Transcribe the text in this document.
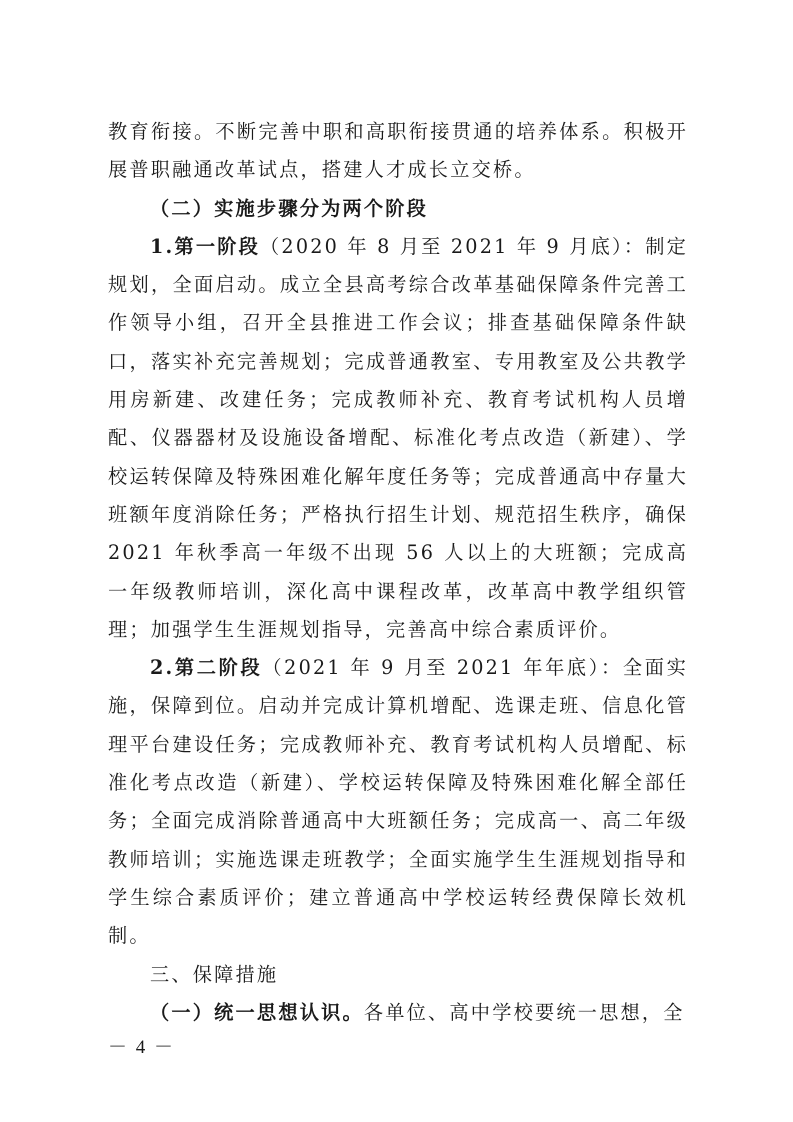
教育衔接。不断完善中职和高职衔接贯通的培养体系。积极开展普职融通改革试点，搭建人才成长立交桥。

（二）实施步骤分为两个阶段

1.第一阶段（2020 年 8 月至 2021 年 9 月底）：制定规划，全面启动。成立全县高考综合改革基础保障条件完善工作领导小组，召开全县推进工作会议；排查基础保障条件缺口，落实补充完善规划；完成普通教室、专用教室及公共教学用房新建、改建任务；完成教师补充、教育考试机构人员增配、仪器器材及设施设备增配、标准化考点改造（新建）、学校运转保障及特殊困难化解年度任务等；完成普通高中存量大班额年度消除任务；严格执行招生计划、规范招生秩序，确保 2021 年秋季高一年级不出现 56 人以上的大班额；完成高一年级教师培训，深化高中课程改革，改革高中教学组织管理；加强学生生涯规划指导，完善高中综合素质评价。

2.第二阶段（2021 年 9 月至 2021 年年底）：全面实施，保障到位。启动并完成计算机增配、选课走班、信息化管理平台建设任务；完成教师补充、教育考试机构人员增配、标准化考点改造（新建）、学校运转保障及特殊困难化解全部任务；全面完成消除普通高中大班额任务；完成高一、高二年级教师培训；实施选课走班教学；全面实施学生生涯规划指导和学生综合素质评价；建立普通高中学校运转经费保障长效机制。

三、保障措施

（一）统一思想认识。各单位、高中学校要统一思想，全

－ 4 －
